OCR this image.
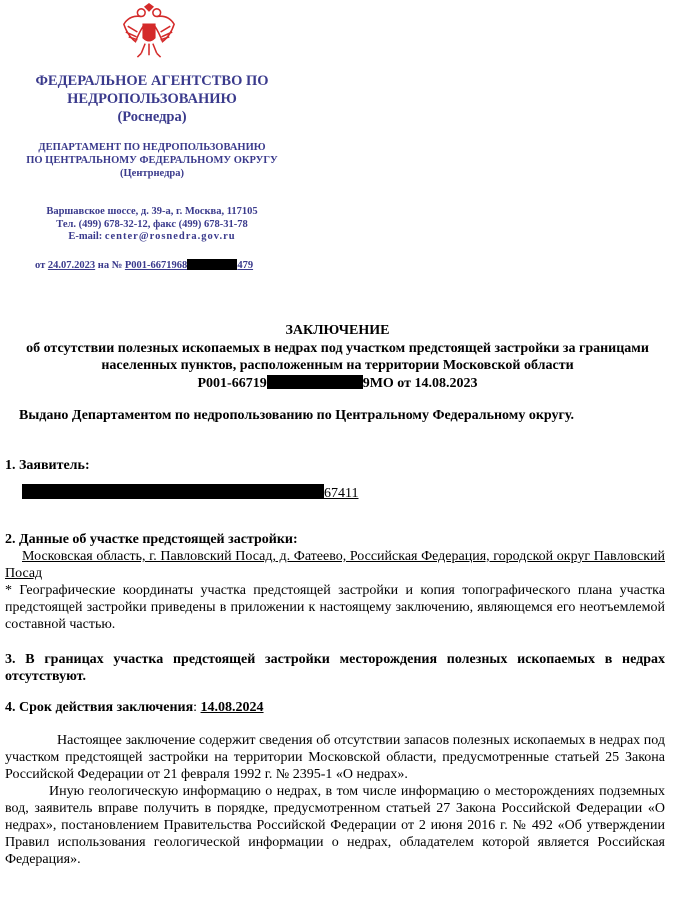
ФЕДЕРАЛЬНОЕ АГЕНТСТВО ПО
НЕДРОПОЛЬЗОВАНИЮ
(Роснедра)
ДЕПАРТАМЕНТ ПО НЕДРОПОЛЬЗОВАНИЮ
ПО ЦЕНТРАЛЬНОМУ ФЕДЕРАЛЬНОМУ ОКРУГУ
(Центрнедра)
Варшавское шоссе, д. 39-а, г. Москва, 117105
Тел. (499) 678-32-12, факс (499) 678-31-78
E-mail: center@rosnedra.gov.ru
от 24.07.2023 на № P001-6671968	479
ЗАКЛЮЧЕНИЕ
об отсутствии полезных ископаемых в недрах под участком предстоящей застройки за границами
населенных пунктов, расположенным на территории Московской области
P001-66719	9МО от 14.08.2023
Выдано Департаментом по недропользованию по Центральному Федеральному округу.
1. Заявитель:
67411
2. Данные об участке предстоящей застройки:
Московская область, г. Павловский Посад, д. Фатеево, Российская Федерация, городской округ Павловский Посад
* Географические координаты участка предстоящей застройки и копия топографического плана участка предстоящей застройки приведены в приложении к настоящему заключению, являющемся его неотъемлемой составной частью.
3. В границах участка предстоящей застройки месторождения полезных ископаемых в недрах отсутствуют.
4. Срок действия заключения: 14.08.2024
Настоящее заключение содержит сведения об отсутствии запасов полезных ископаемых в недрах под участком предстоящей застройки на территории Московской области, предусмотренные статьей 25 Закона Российской Федерации от 21 февраля 1992 г. № 2395-1 «О недрах».
Иную геологическую информацию о недрах, в том числе информацию о месторождениях подземных вод, заявитель вправе получить в порядке, предусмотренном статьей 27 Закона Российской Федерации «О недрах», постановлением Правительства Российской Федерации от 2 июня 2016 г. № 492 «Об утверждении Правил использования геологической информации о недрах, обладателем которой является Российская Федерация».
